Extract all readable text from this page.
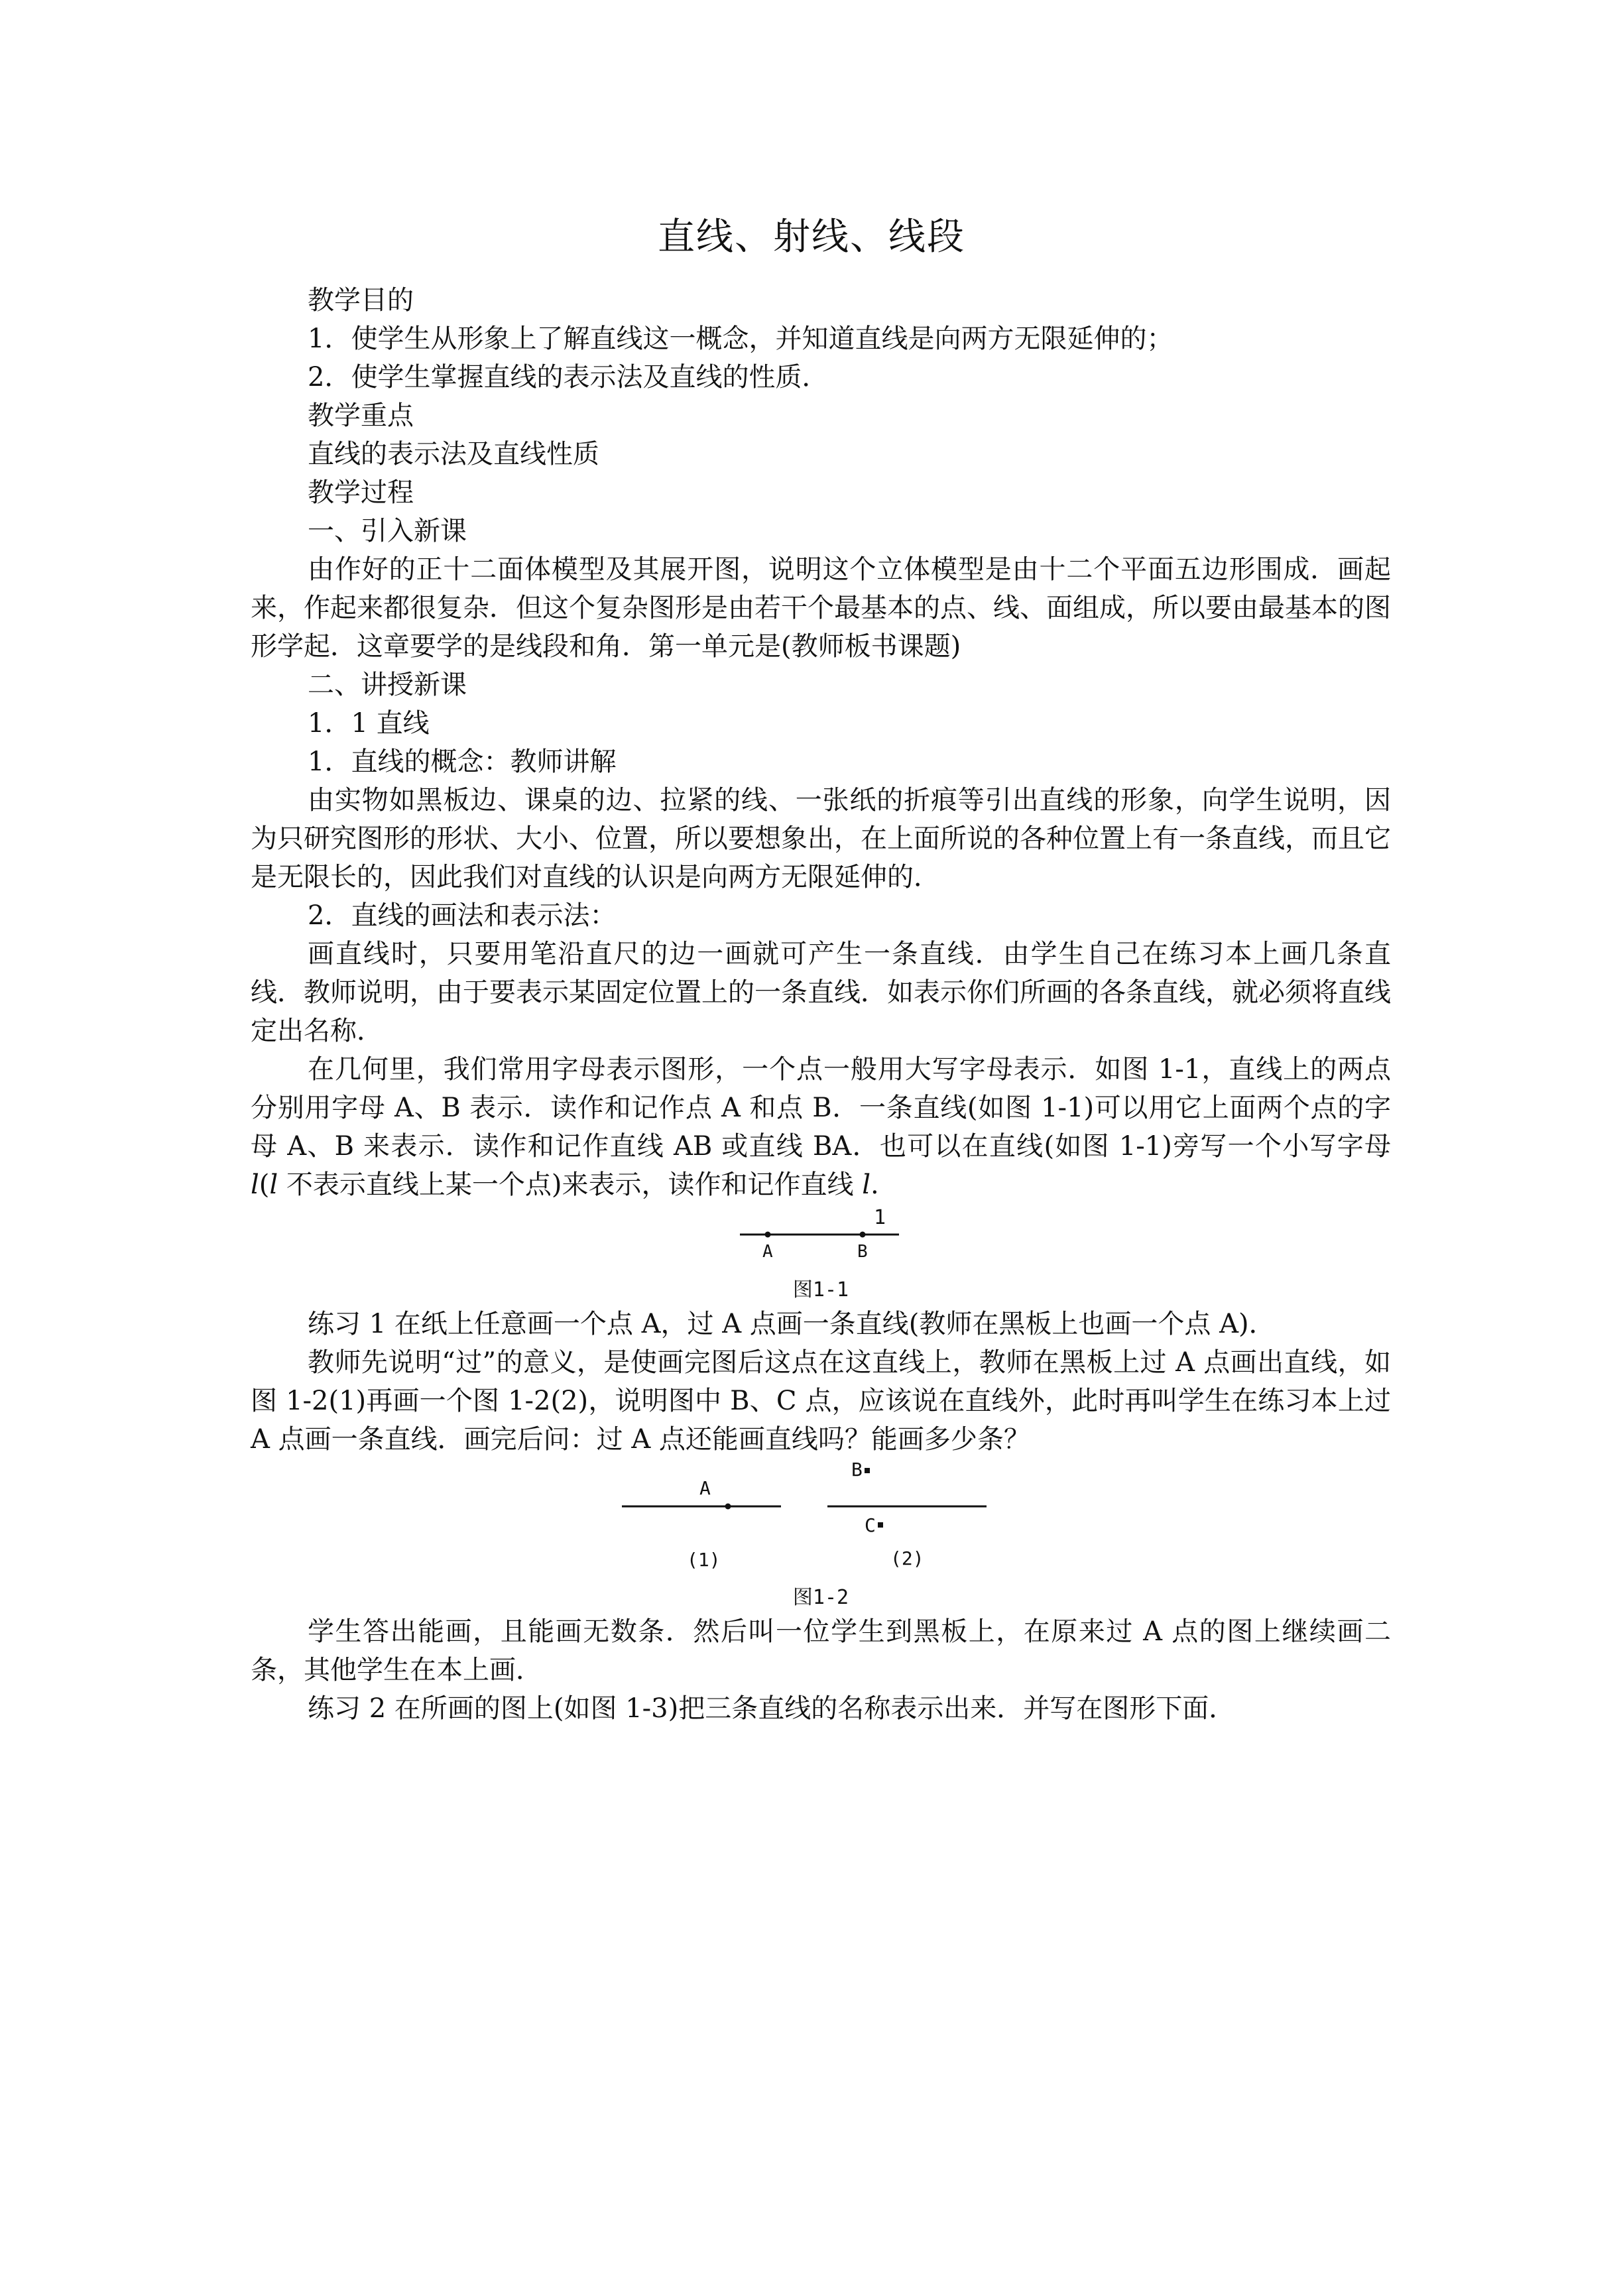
直线、射线、线段

教学目的

1．使学生从形象上了解直线这一概念，并知道直线是向两方无限延伸的；

2．使学生掌握直线的表示法及直线的性质．

教学重点

直线的表示法及直线性质

教学过程

一、引入新课

由作好的正十二面体模型及其展开图，说明这个立体模型是由十二个平面五边形围成．画起来，作起来都很复杂．但这个复杂图形是由若干个最基本的点、线、面组成，所以要由最基本的图形学起．这章要学的是线段和角．第一单元是(教师板书课题)

二、讲授新课

1．1 直线

1．直线的概念：教师讲解

由实物如黑板边、课桌的边、拉紧的线、一张纸的折痕等引出直线的形象，向学生说明，因为只研究图形的形状、大小、位置，所以要想象出，在上面所说的各种位置上有一条直线，而且它是无限长的，因此我们对直线的认识是向两方无限延伸的．

2．直线的画法和表示法：

画直线时，只要用笔沿直尺的边一画就可产生一条直线．由学生自己在练习本上画几条直线．教师说明，由于要表示某固定位置上的一条直线．如表示你们所画的各条直线，就必须将直线定出名称．

在几何里，我们常用字母表示图形，一个点一般用大写字母表示．如图 1-1，直线上的两点分别用字母 A、B 表示．读作和记作点 A 和点 B．一条直线(如图 1-1)可以用它上面两个点的字母 A、B 来表示．读作和记作直线 AB 或直线 BA．也可以在直线(如图 1-1)旁写一个小写字母 l(l 不表示直线上某一个点)来表示，读作和记作直线 l.

A	B
1
图1-1

练习 1 在纸上任意画一个点 A，过 A 点画一条直线(教师在黑板上也画一个点 A)．

教师先说明“过”的意义，是使画完图后这点在这直线上，教师在黑板上过 A 点画出直线，如图 1-2(1)再画一个图 1-2(2)，说明图中 B、C 点，应该说在直线外，此时再叫学生在练习本上过 A 点画一条直线．画完后问：过 A 点还能画直线吗？能画多少条？

A
B
C
(1)	(2)
图1-2

学生答出能画，且能画无数条．然后叫一位学生到黑板上，在原来过 A 点的图上继续画二条，其他学生在本上画．

练习 2 在所画的图上(如图 1-3)把三条直线的名称表示出来．并写在图形下面．
